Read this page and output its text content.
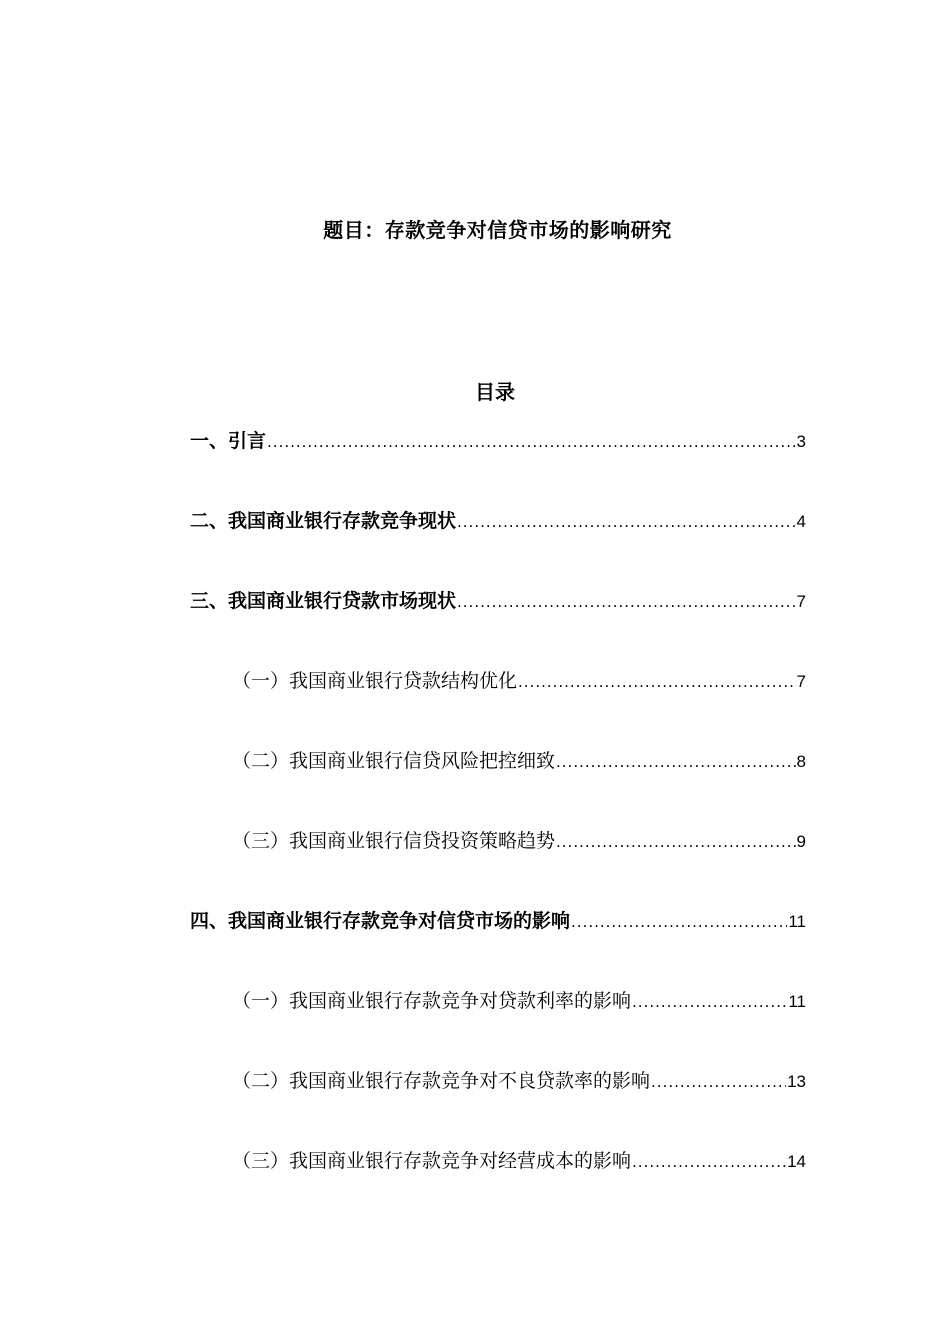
题目：存款竞争对信贷市场的影响研究
目录
一、引言 .....	3
二、我国商业银行存款竞争现状 .....	4
三、我国商业银行贷款市场现状 .....	7
（一）我国商业银行贷款结构优化 .....	7
（二）我国商业银行信贷风险把控细致 .....	8
（三）我国商业银行信贷投资策略趋势 .....	9
四、我国商业银行存款竞争对信贷市场的影响 .....	11
（一）我国商业银行存款竞争对贷款利率的影响 .....	11
（二）我国商业银行存款竞争对不良贷款率的影响 .....	13
（三）我国商业银行存款竞争对经营成本的影响 .....	14
